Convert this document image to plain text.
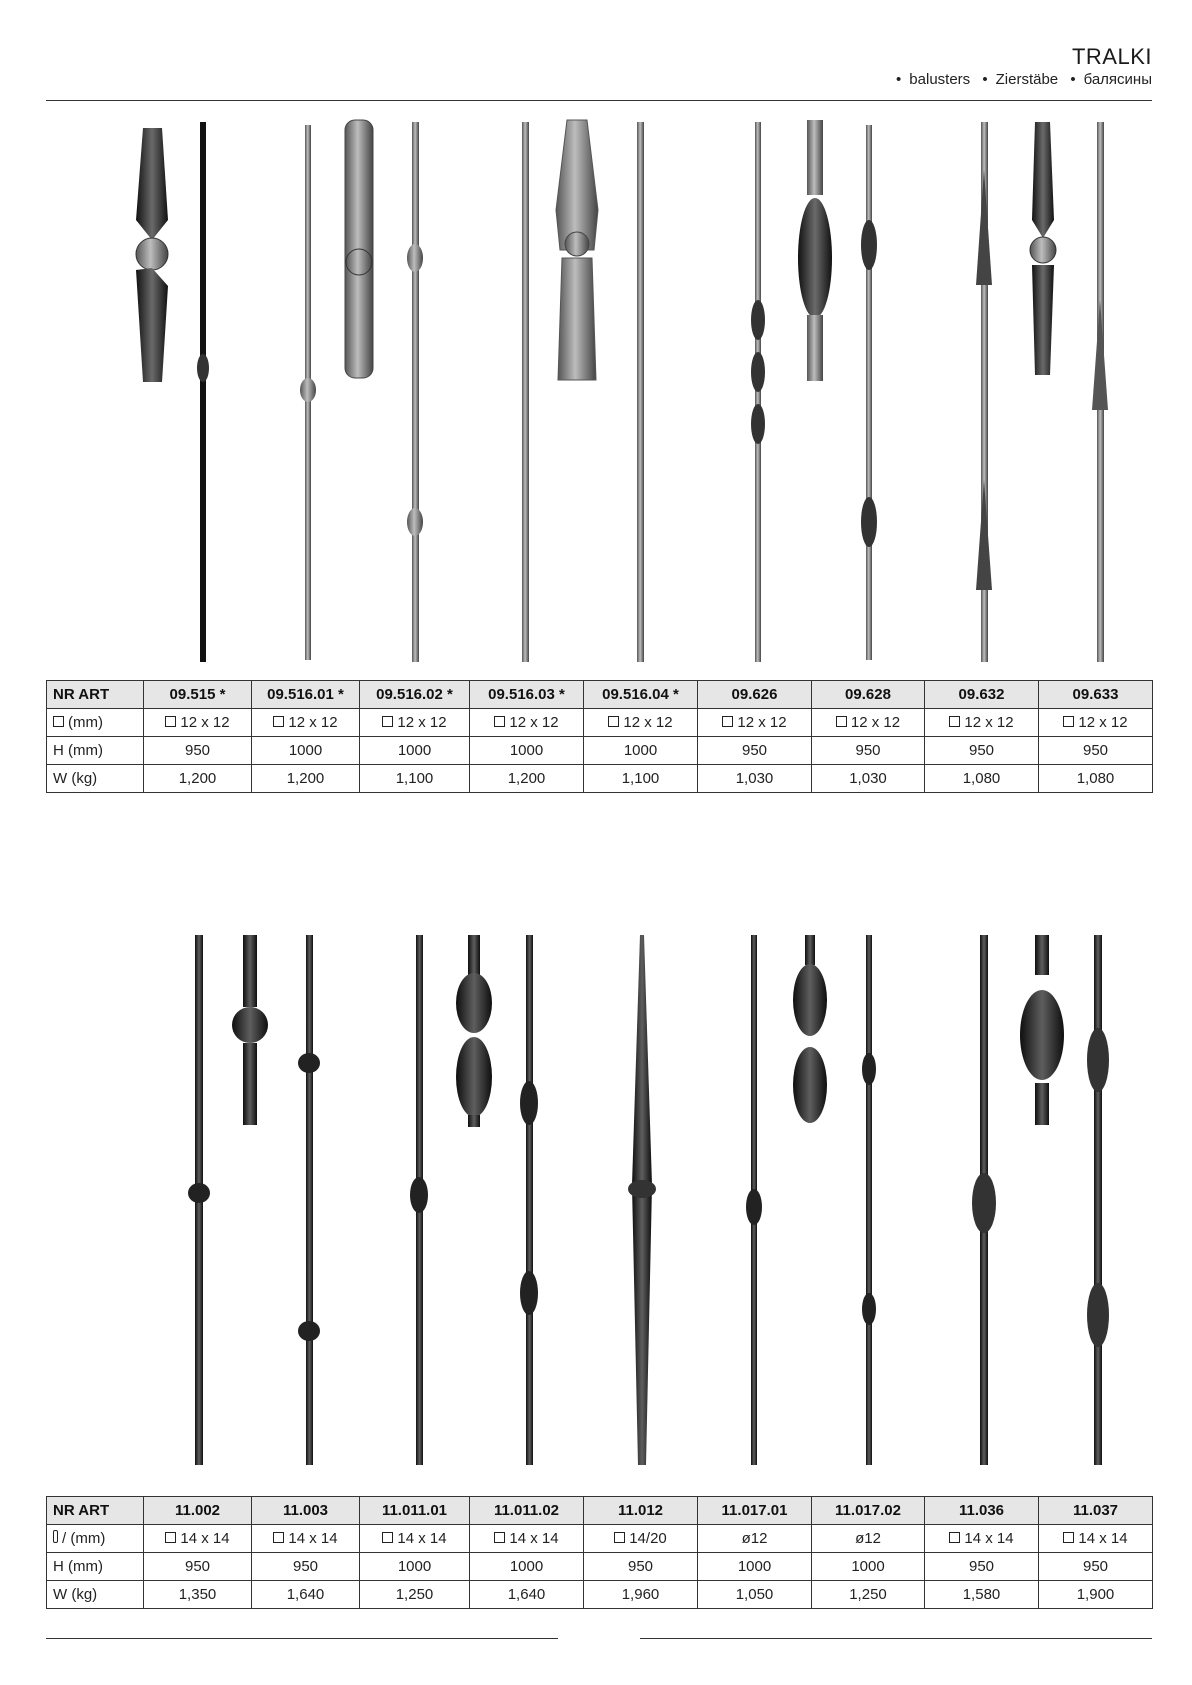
TRALKI
• balusters • Zierstäbe • балясины
NR ART	09.515 *	09.516.01 *	09.516.02 *	09.516.03 *	09.516.04 *	09.626	09.628	09.632	09.633
(mm)	12 x 12	12 x 12	12 x 12	12 x 12	12 x 12	12 x 12	12 x 12	12 x 12	12 x 12
H (mm)	950	1000	1000	1000	1000	950	950	950	950
W (kg)	1,200	1,200	1,100	1,200	1,100	1,030	1,030	1,080	1,080
NR ART	11.002	11.003	11.011.01	11.011.02	11.012	11.017.01	11.017.02	11.036	11.037
/ (mm)	14 x 14	14 x 14	14 x 14	14 x 14	14/20	ø12	ø12	14 x 14	14 x 14
H (mm)	950	950	1000	1000	950	1000	1000	950	950
W (kg)	1,350	1,640	1,250	1,640	1,960	1,050	1,250	1,580	1,900
